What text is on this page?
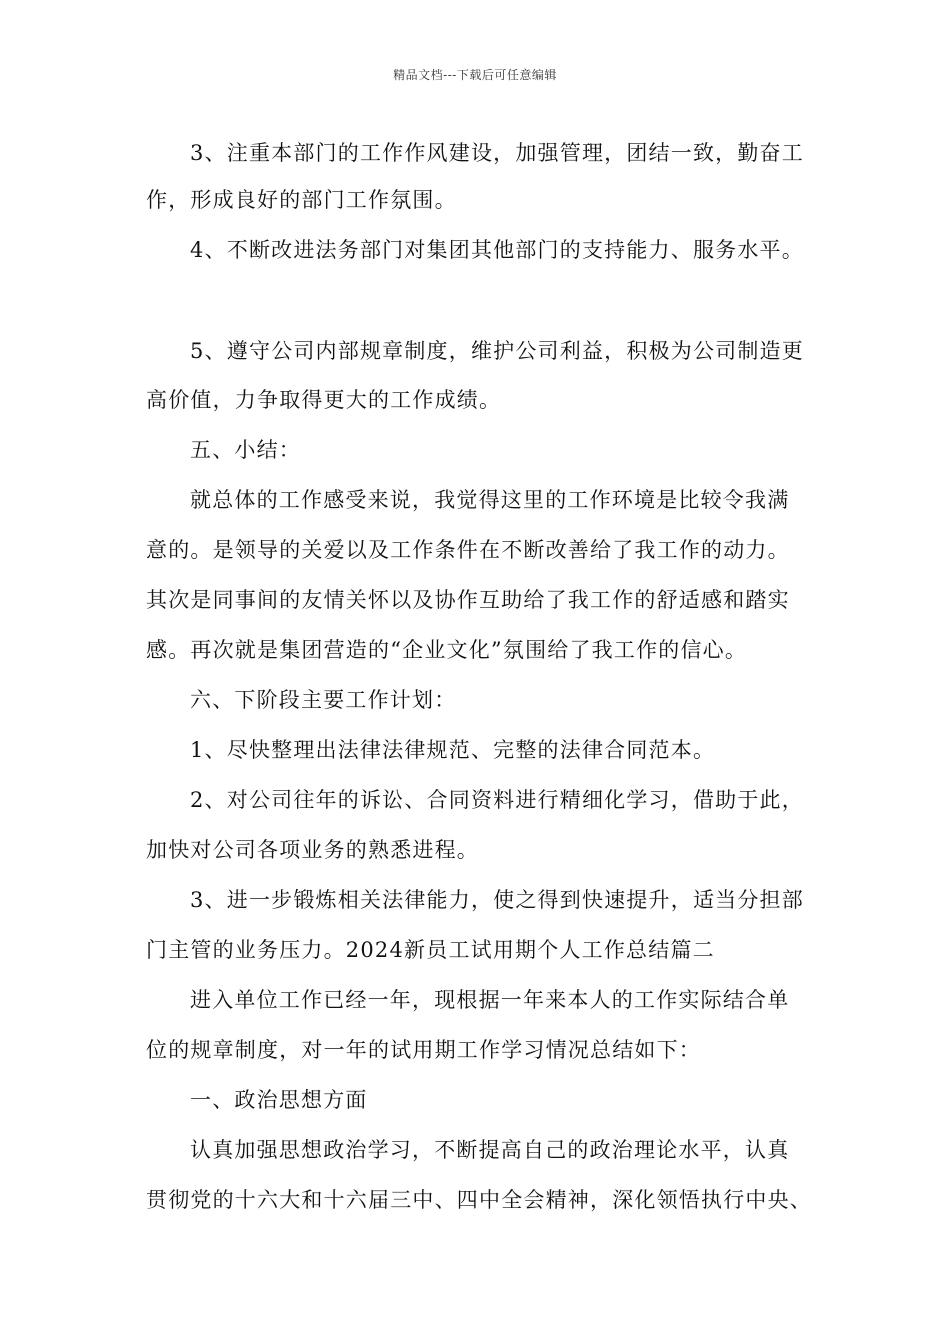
精品文档---下载后可任意编辑
3、注重本部门的工作作风建设，加强管理，团结一致，勤奋工
作，形成良好的部门工作氛围。
4、不断改进法务部门对集团其他部门的支持能力、服务水平。
5、遵守公司内部规章制度，维护公司利益，积极为公司制造更
高价值，力争取得更大的工作成绩。
五、小结：
就总体的工作感受来说，我觉得这里的工作环境是比较令我满
意的。是领导的关爱以及工作条件在不断改善给了我工作的动力。
其次是同事间的友情关怀以及协作互助给了我工作的舒适感和踏实
感。再次就是集团营造的“企业文化”氛围给了我工作的信心。
六、下阶段主要工作计划：
1、尽快整理出法律法律规范、完整的法律合同范本。
2、对公司往年的诉讼、合同资料进行精细化学习，借助于此，
加快对公司各项业务的熟悉进程。
3、进一步锻炼相关法律能力，使之得到快速提升，适当分担部
门主管的业务压力。2024新员工试用期个人工作总结篇二
进入单位工作已经一年，现根据一年来本人的工作实际结合单
位的规章制度，对一年的试用期工作学习情况总结如下：
一、政治思想方面
认真加强思想政治学习，不断提高自己的政治理论水平，认真
贯彻党的十六大和十六届三中、四中全会精神，深化领悟执行中央、
